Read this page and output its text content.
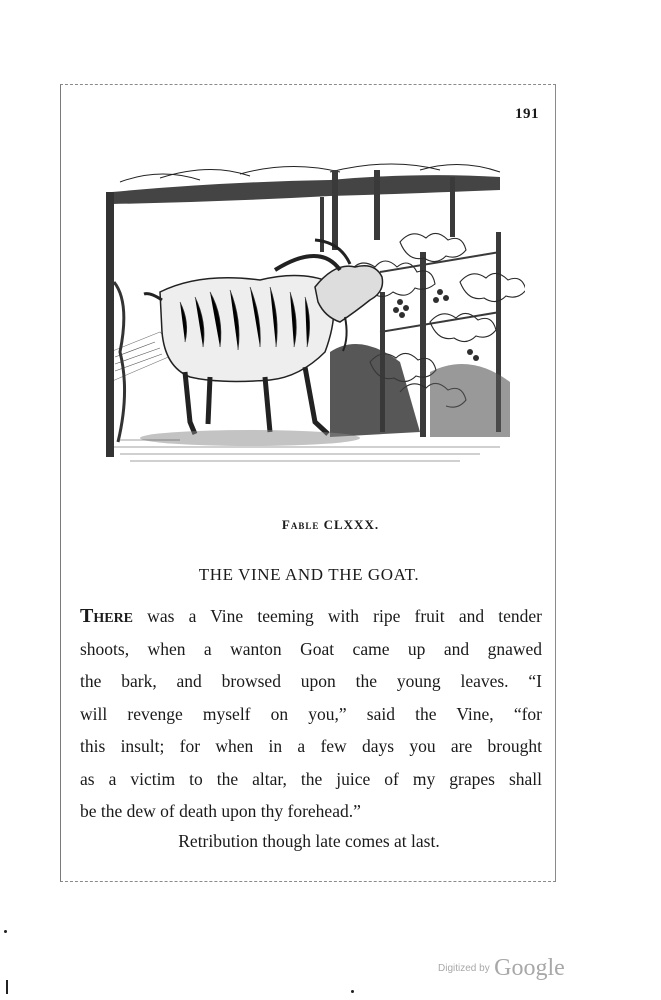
191
Fable CLXXX.
THE VINE AND THE GOAT.
There was a Vine teeming with ripe fruit and tender
shoots, when a wanton Goat came up and gnawed
the bark, and browsed upon the young leaves. “I
will revenge myself on you,” said the Vine, “for
this insult; for when in a few days you are brought
as a victim to the altar, the juice of my grapes shall
be the dew of death upon thy forehead.”
Retribution though late comes at last.
$^{Digitized by}$ Google
